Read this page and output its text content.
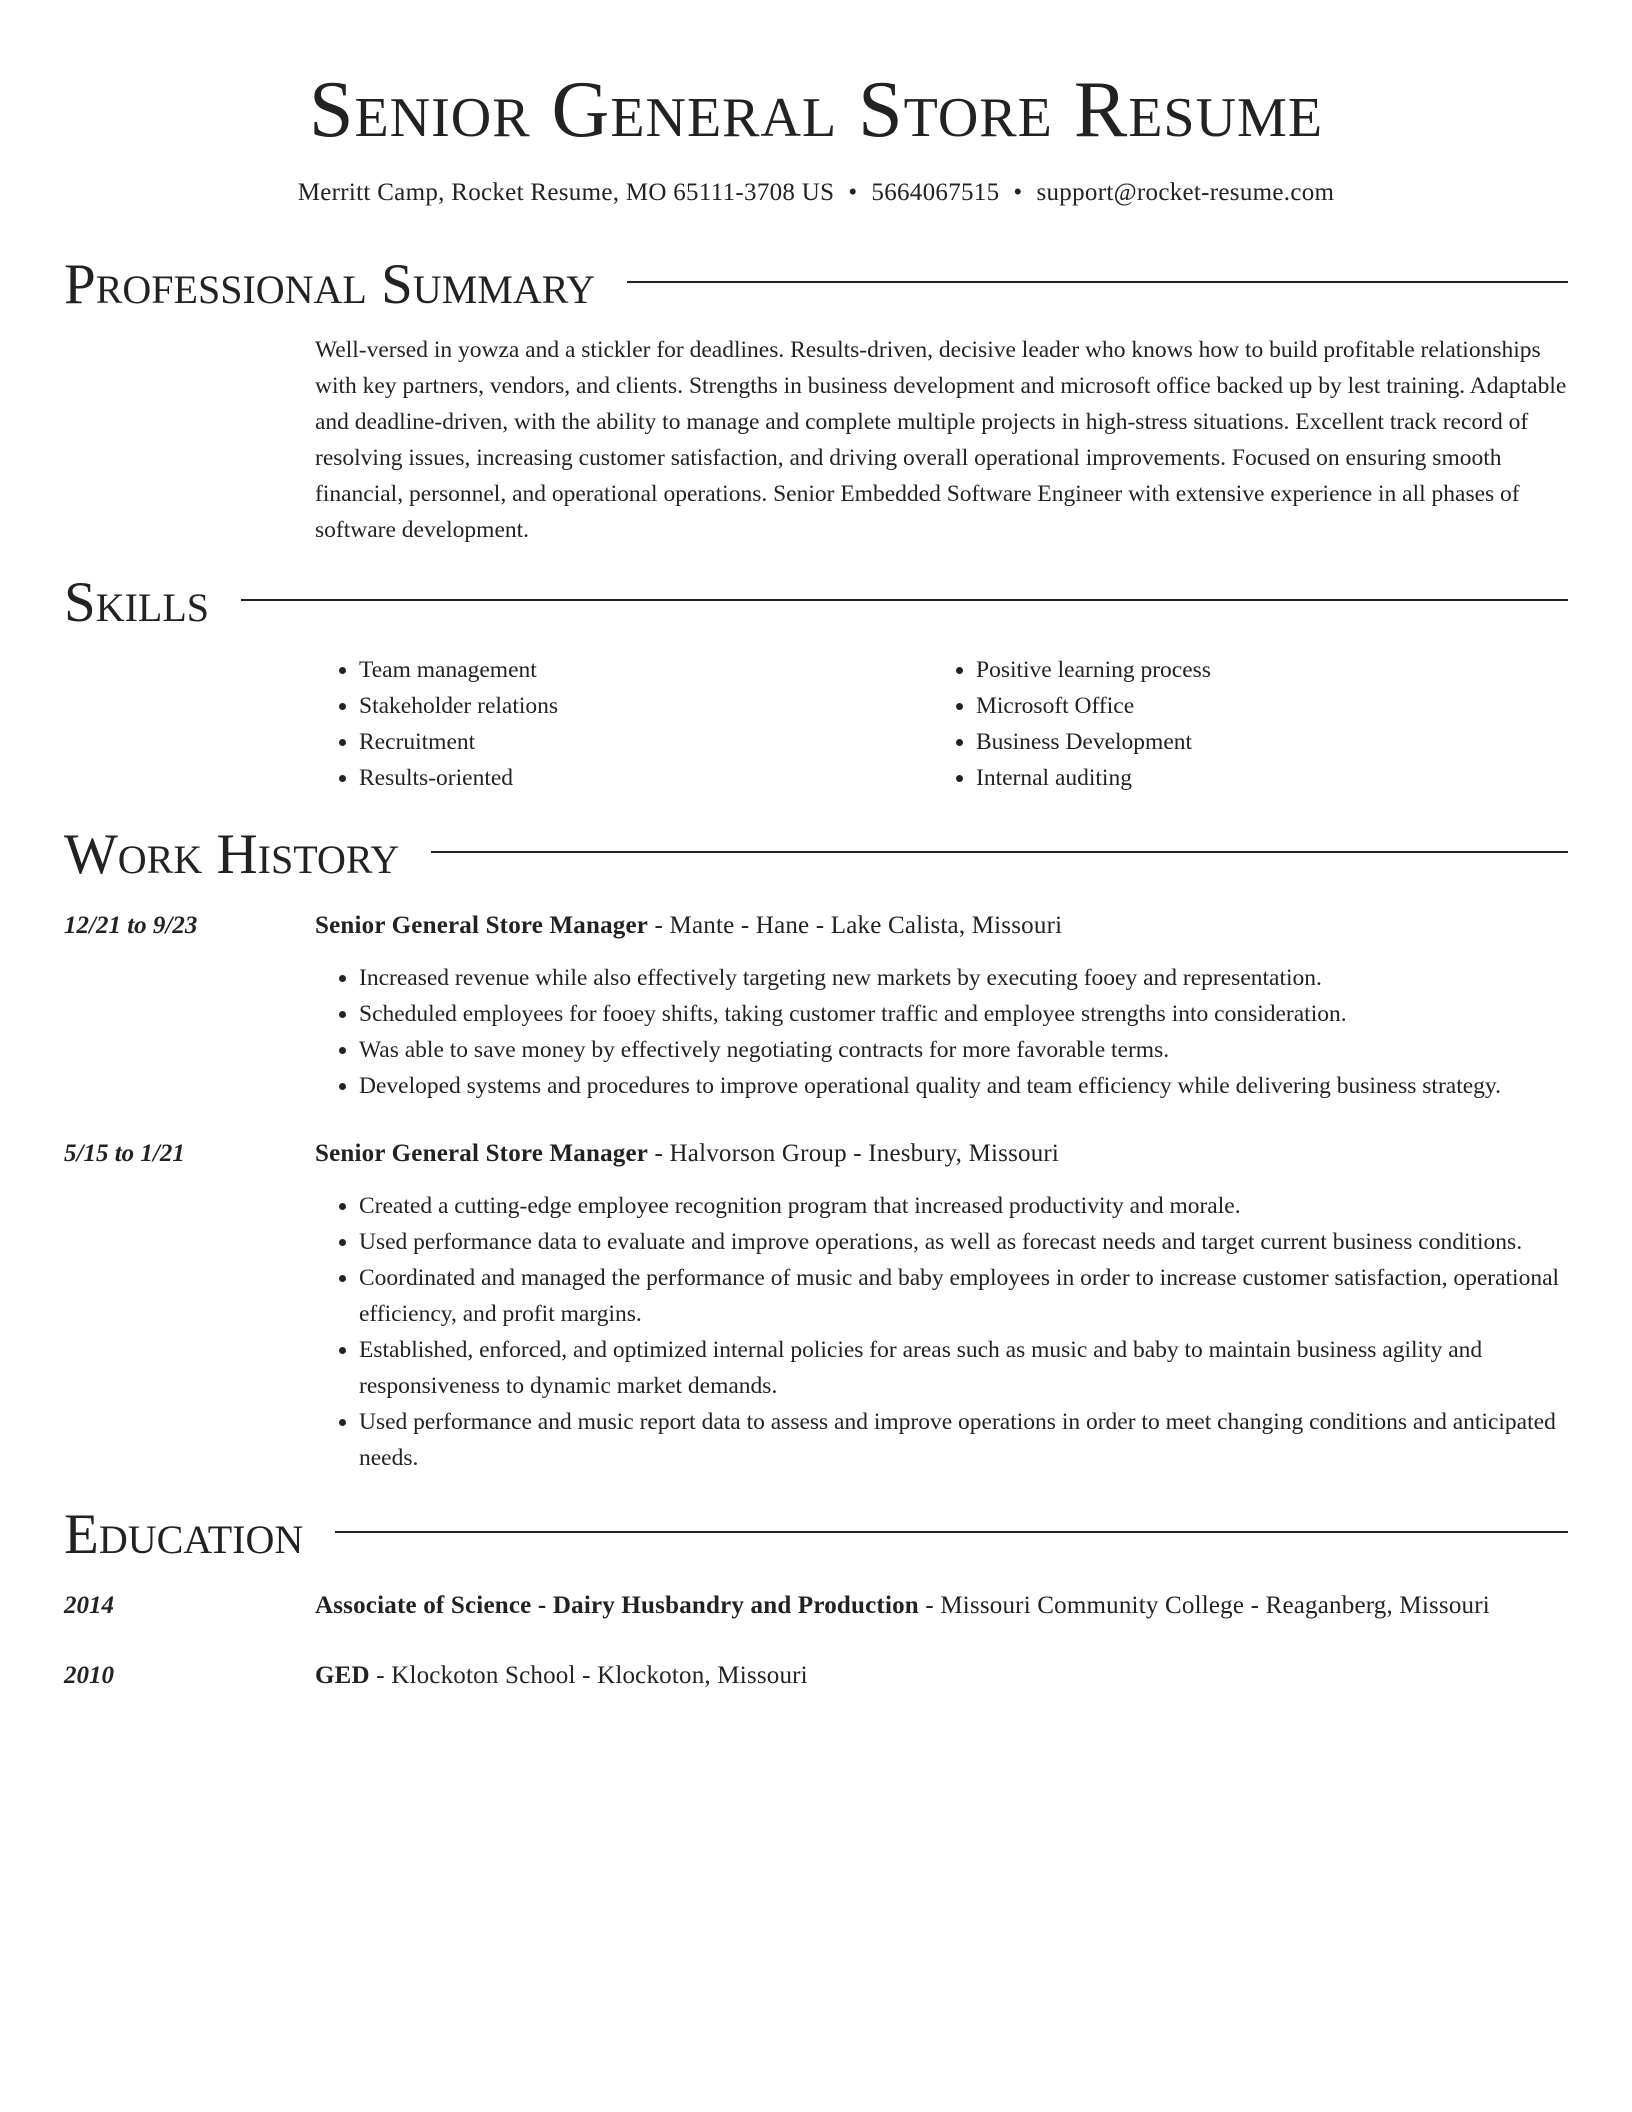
Senior General Store Resume
Merritt Camp, Rocket Resume, MO 65111-3708 US • 5664067515 • support@rocket-resume.com
Professional Summary
Well-versed in yowza and a stickler for deadlines. Results-driven, decisive leader who knows how to build profitable relationships with key partners, vendors, and clients. Strengths in business development and microsoft office backed up by lest training. Adaptable and deadline-driven, with the ability to manage and complete multiple projects in high-stress situations. Excellent track record of resolving issues, increasing customer satisfaction, and driving overall operational improvements. Focused on ensuring smooth financial, personnel, and operational operations. Senior Embedded Software Engineer with extensive experience in all phases of software development.
Skills
• Team management
• Stakeholder relations
• Recruitment
• Results-oriented
• Positive learning process
• Microsoft Office
• Business Development
• Internal auditing
Work History
12/21 to 9/23	Senior General Store Manager - Mante - Hane - Lake Calista, Missouri
• Increased revenue while also effectively targeting new markets by executing fooey and representation.
• Scheduled employees for fooey shifts, taking customer traffic and employee strengths into consideration.
• Was able to save money by effectively negotiating contracts for more favorable terms.
• Developed systems and procedures to improve operational quality and team efficiency while delivering business strategy.
5/15 to 1/21	Senior General Store Manager - Halvorson Group - Inesbury, Missouri
• Created a cutting-edge employee recognition program that increased productivity and morale.
• Used performance data to evaluate and improve operations, as well as forecast needs and target current business conditions.
• Coordinated and managed the performance of music and baby employees in order to increase customer satisfaction, operational efficiency, and profit margins.
• Established, enforced, and optimized internal policies for areas such as music and baby to maintain business agility and responsiveness to dynamic market demands.
• Used performance and music report data to assess and improve operations in order to meet changing conditions and anticipated needs.
Education
2014	Associate of Science - Dairy Husbandry and Production - Missouri Community College - Reaganberg, Missouri
2010	GED - Klockoton School - Klockoton, Missouri
